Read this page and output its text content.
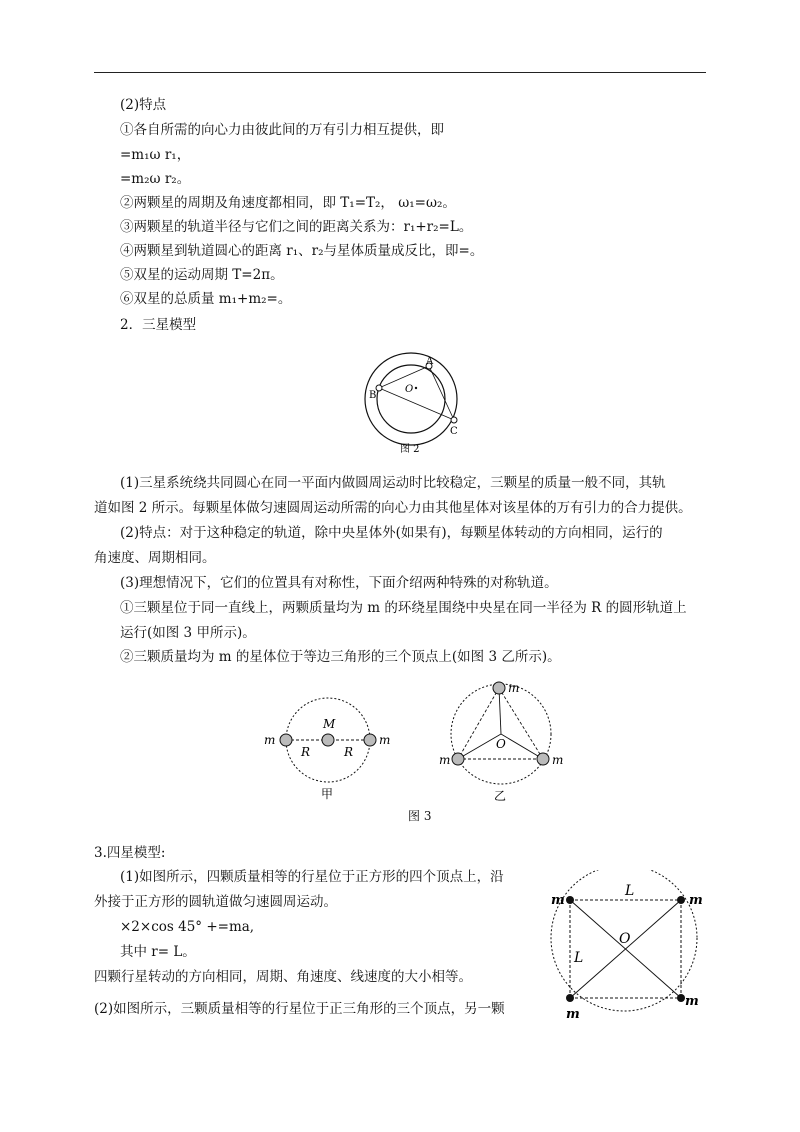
(2)特点
①各自所需的向心力由彼此间的万有引力相互提供，即
=m₁ω r₁，
=m₂ω r₂。
②两颗星的周期及角速度都相同，即 T₁=T₂， ω₁=ω₂。
③两颗星的轨道半径与它们之间的距离关系为：r₁+r₂=L。
④两颗星到轨道圆心的距离 r₁、r₂与星体质量成反比，即=。
⑤双星的运动周期 T=2π。
⑥双星的总质量 m₁+m₂=。
2．三星模型
A
B
C
O
图 2
(1)三星系统绕共同圆心在同一平面内做圆周运动时比较稳定，三颗星的质量一般不同，其轨
道如图 2 所示。每颗星体做匀速圆周运动所需的向心力由其他星体对该星体的万有引力的合力提供。
(2)特点：对于这种稳定的轨道，除中央星体外(如果有)，每颗星体转动的方向相同，运行的
角速度、周期相同。
(3)理想情况下，它们的位置具有对称性，下面介绍两种特殊的对称轨道。
①三颗星位于同一直线上，两颗质量均为 m 的环绕星围绕中央星在同一半径为 R 的圆形轨道上
运行(如图 3 甲所示)。
②三颗质量均为 m 的星体位于等边三角形的三个顶点上(如图 3 乙所示)。
m
M
m
R	R
甲
m
m	m
O
乙
图 3
3.四星模型:
(1)如图所示，四颗质量相等的行星位于正方形的四个顶点上，沿
外接于正方形的圆轨道做匀速圆周运动。
×2×cos 45° +=ma,
其中 r= L。
四颗行星转动的方向相同，周期、角速度、线速度的大小相等。
(2)如图所示，三颗质量相等的行星位于正三角形的三个顶点，另一颗
m	m
m
m
L
L
O
